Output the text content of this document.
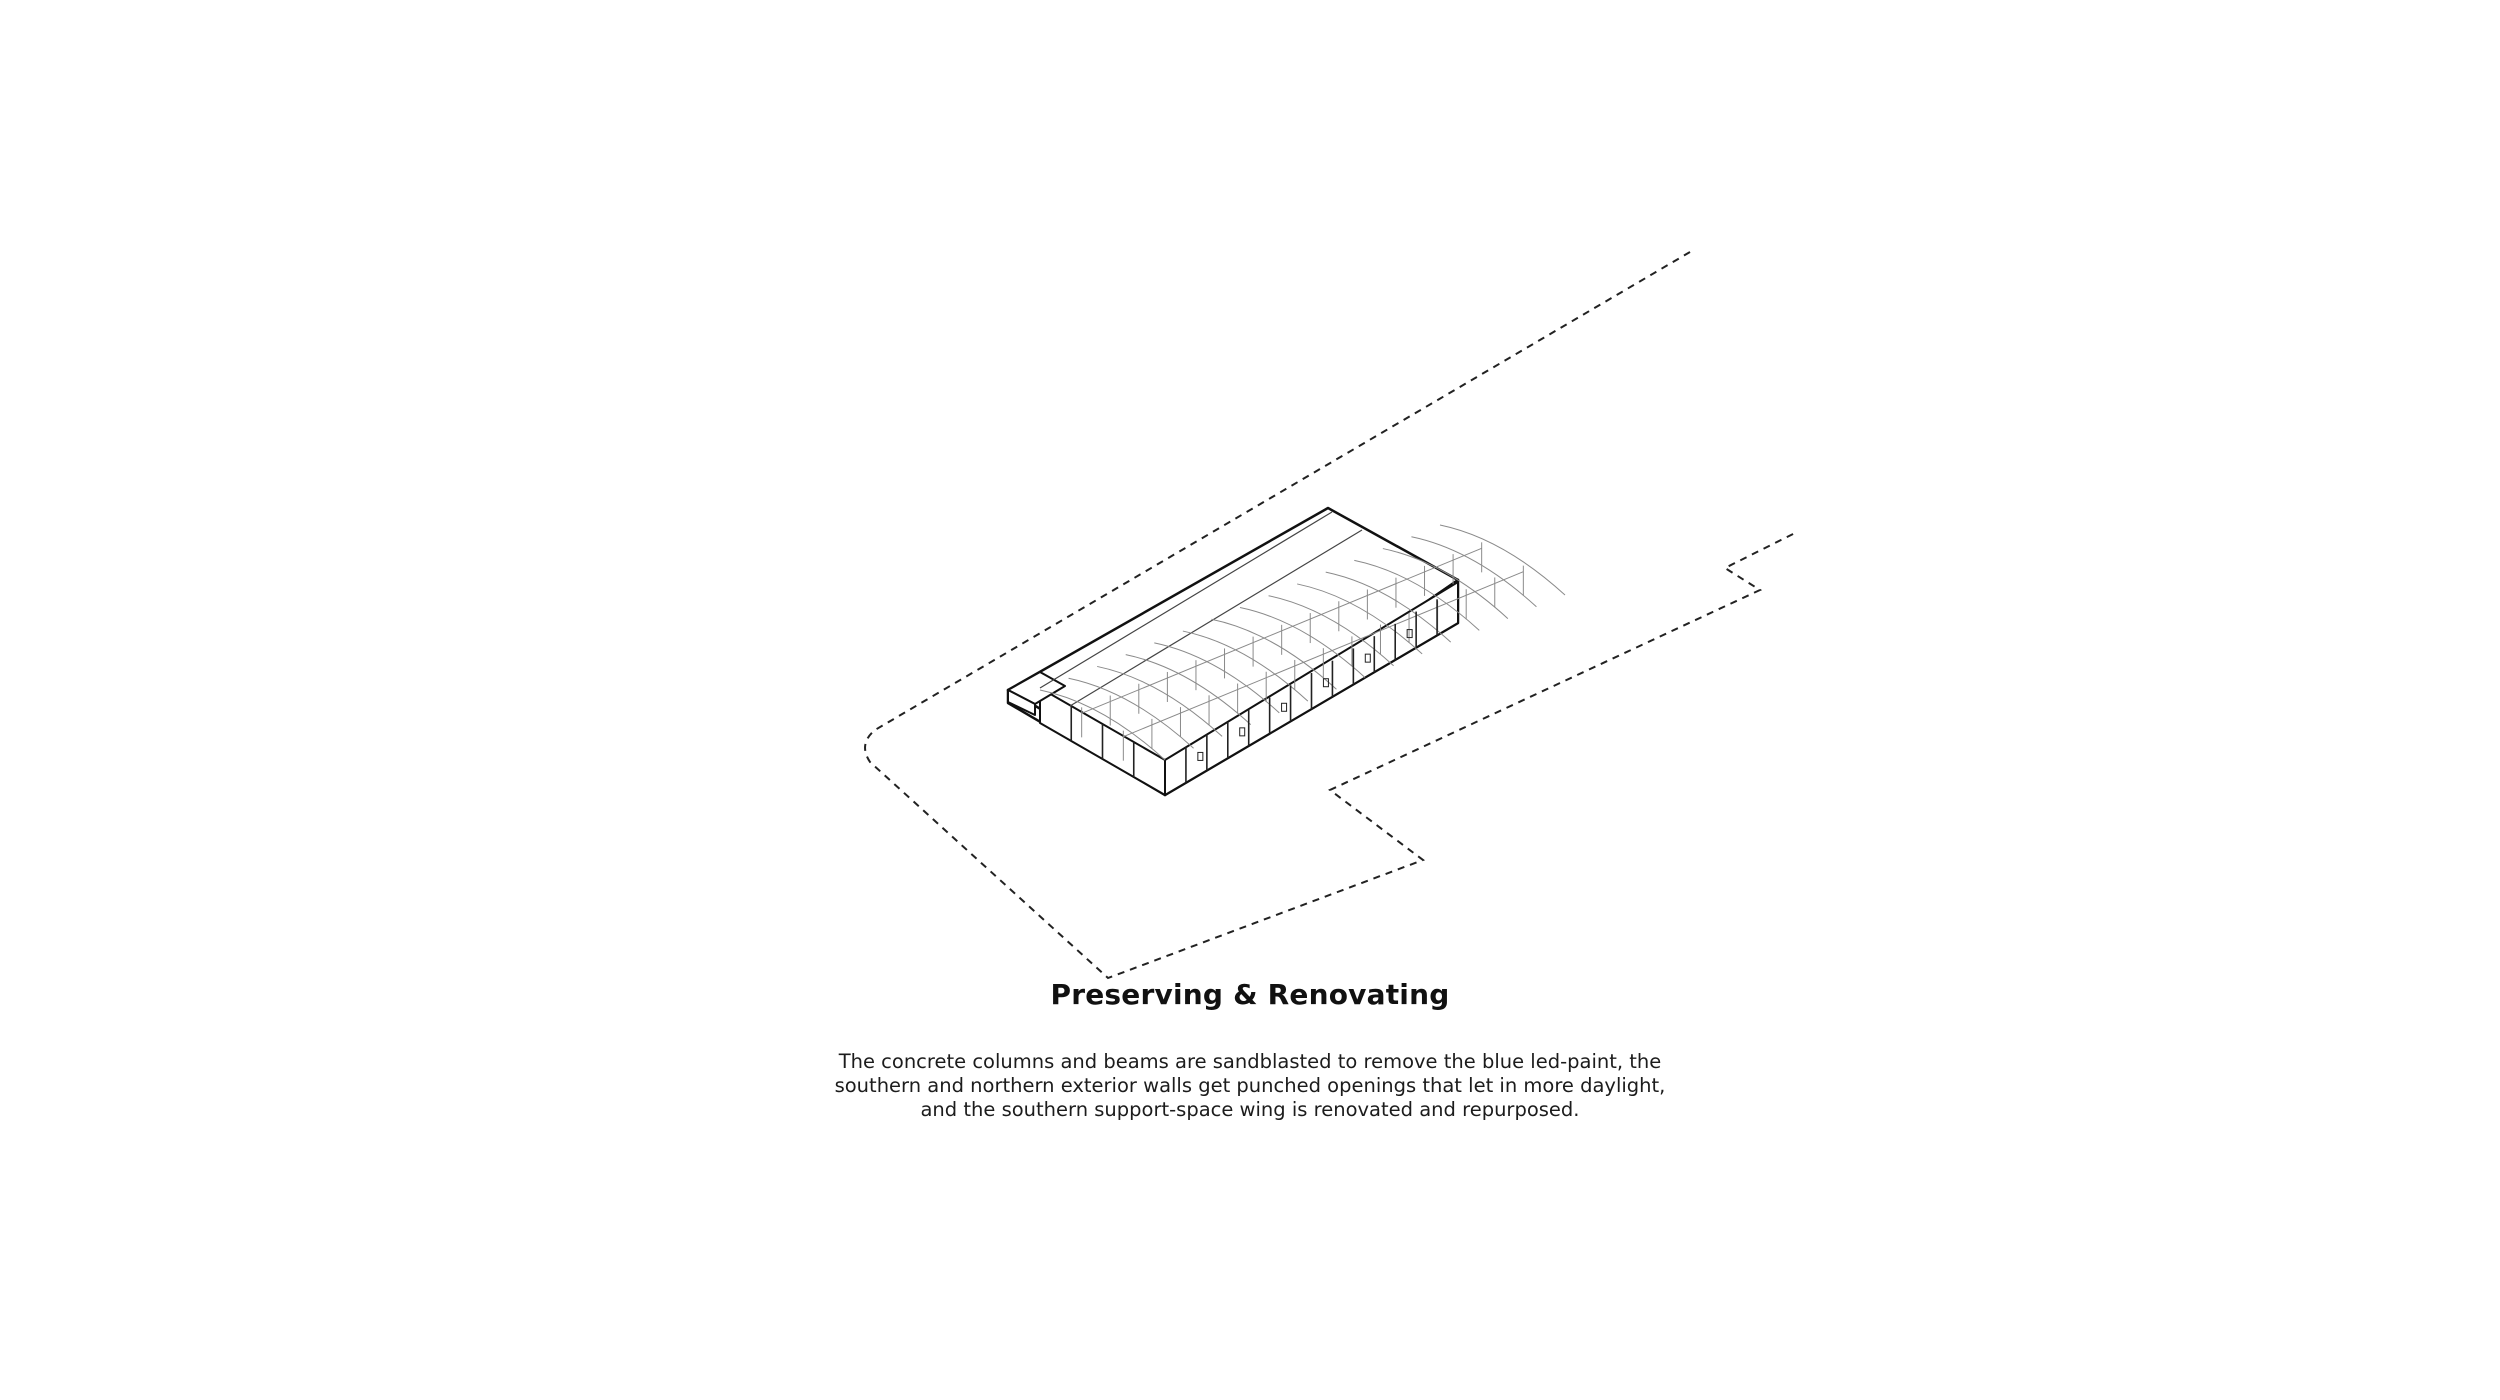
Preserving & Renovating

The concrete columns and beams are sandblasted to remove the blue led-paint, the
southern and northern exterior walls get punched openings that let in more daylight,
and the southern support-space wing is renovated and repurposed.
